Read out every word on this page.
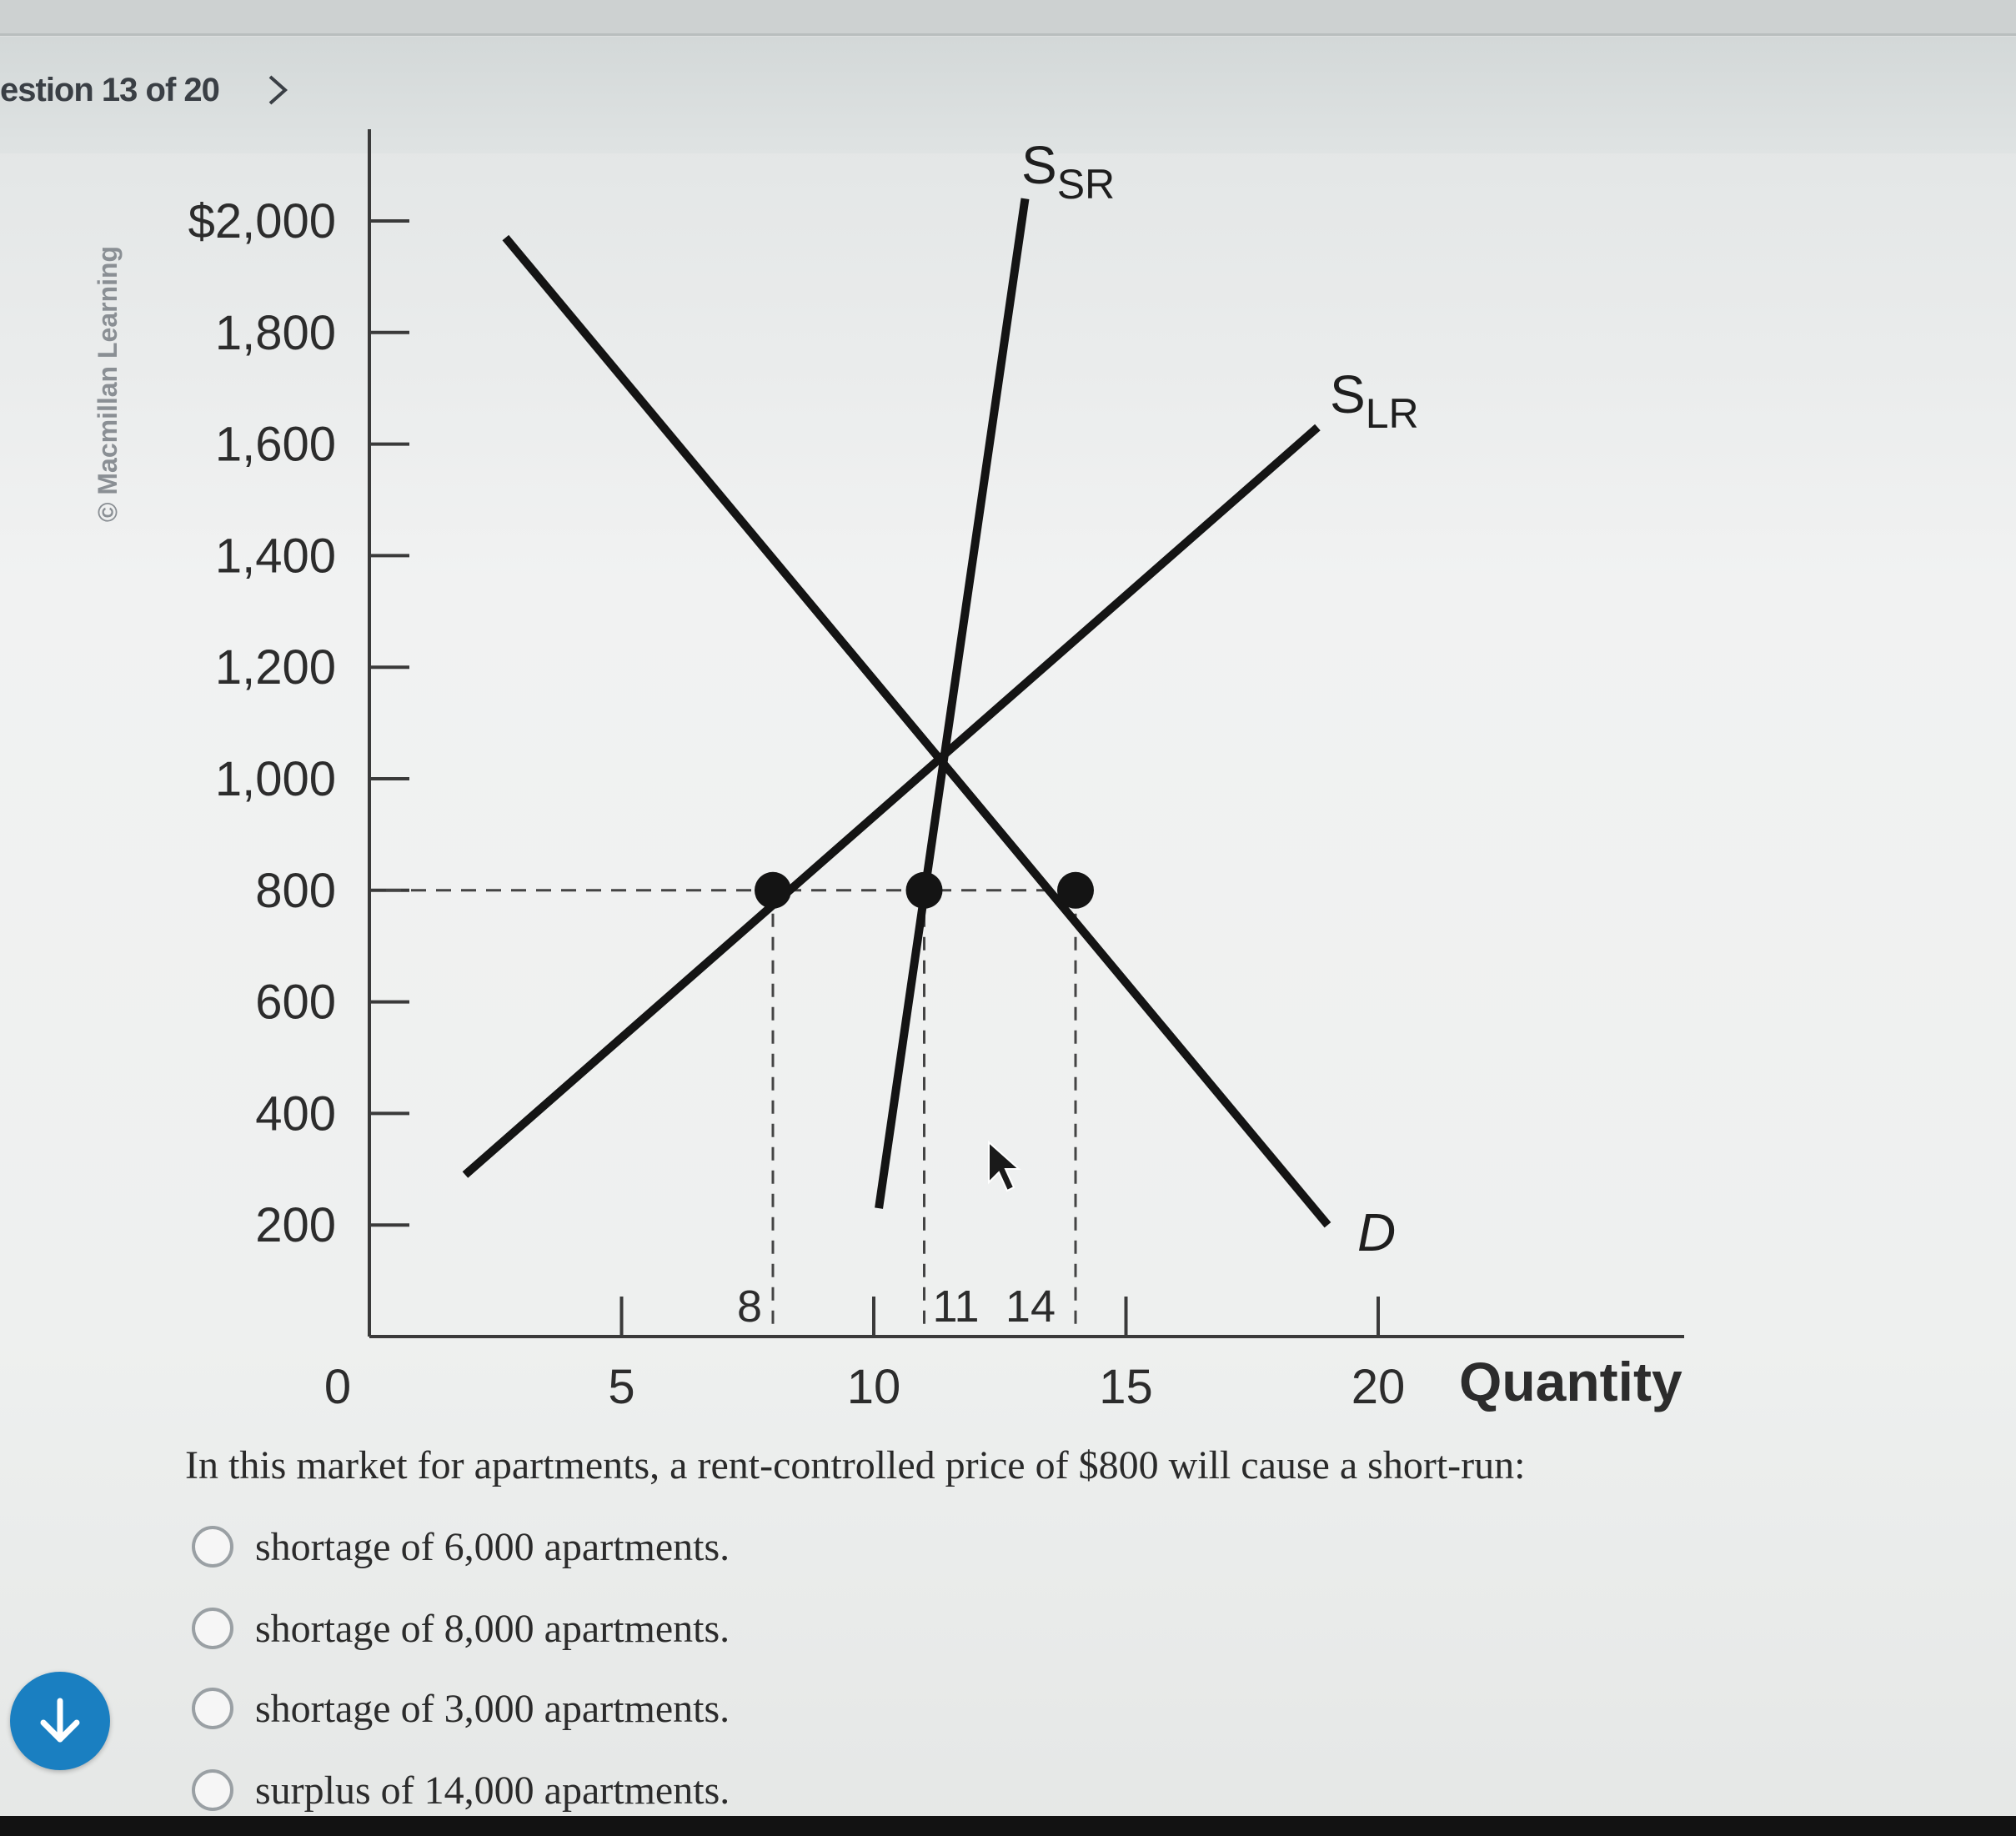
estion 13 of 20
© Macmillan Learning
200
400
600
800
1,000
1,200
1,400
1,600
1,800
$2,000
0	5	10	15	20 Quantity
8	11 14
D
$S_{SR}$
$S_{LR}$
In this market for apartments, a rent-controlled price of $800 will cause a short-run:
shortage of 6,000 apartments.
shortage of 8,000 apartments.
shortage of 3,000 apartments.
surplus of 14,000 apartments.
